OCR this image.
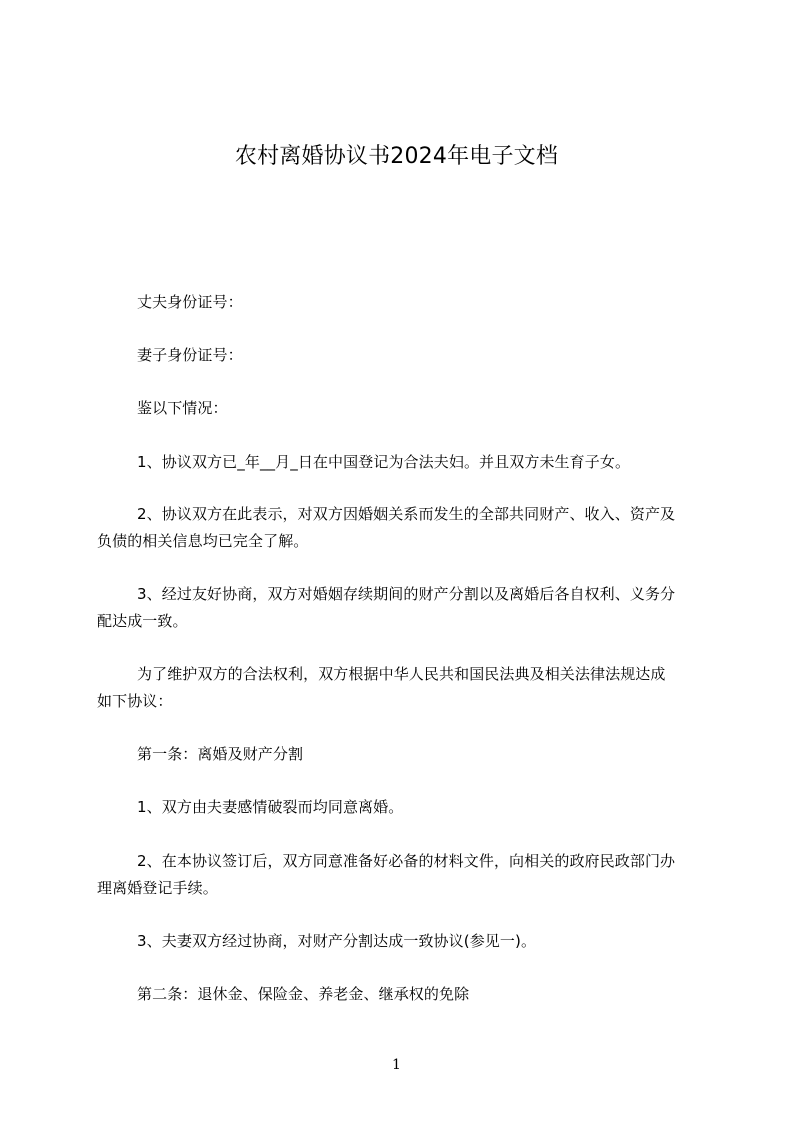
农村离婚协议书2024年电子文档
丈夫身份证号：
妻子身份证号：
鉴以下情况：
1、协议双方已_年__月_日在中国登记为合法夫妇。并且双方未生育子女。
2、协议双方在此表示，对双方因婚姻关系而发生的全部共同财产、收入、资产及
负债的相关信息均已完全了解。
3、经过友好协商，双方对婚姻存续期间的财产分割以及离婚后各自权利、义务分
配达成一致。
为了维护双方的合法权利，双方根据中华人民共和国民法典及相关法律法规达成
如下协议：
第一条：离婚及财产分割
1、双方由夫妻感情破裂而均同意离婚。
2、在本协议签订后，双方同意准备好必备的材料文件，向相关的政府民政部门办
理离婚登记手续。
3、夫妻双方经过协商，对财产分割达成一致协议(参见一)。
第二条：退休金、保险金、养老金、继承权的免除
1
